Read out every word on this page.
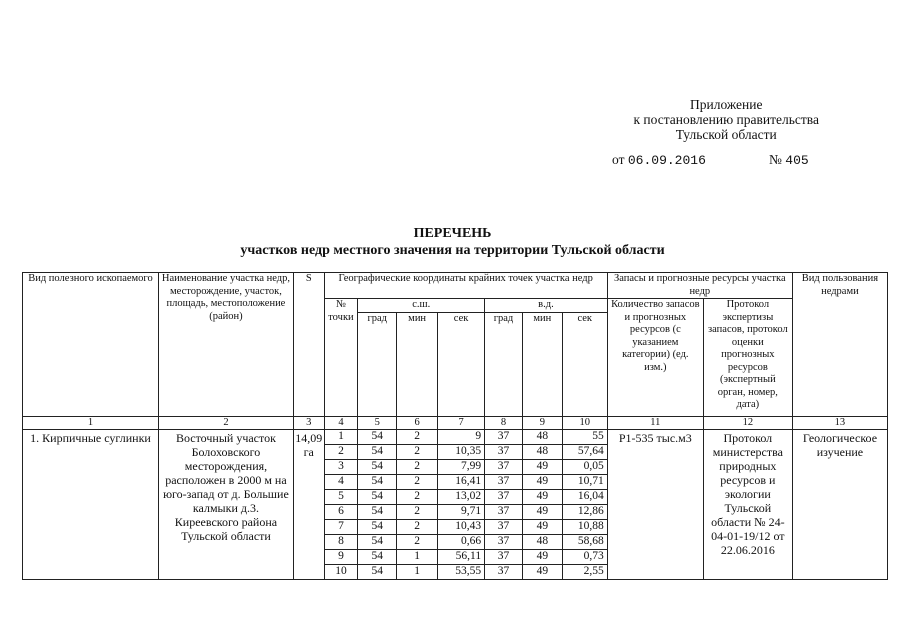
Приложение
к постановлению правительства
Тульской области
от 06.09.2016	№ 405
ПЕРЕЧЕНЬ
участков недр местного значения на территории Тульской области
Вид полезного ископаемого	Наименование участка недр, месторождение, участок, площадь, местоположение (район)	S	Географические координаты крайних точек участка недр							Запасы и прогнозные ресурсы участка недр		Вид пользования недрами
			№ точки	с.ш.			в.д.			Количество запасов и прогнозных ресурсов (с указанием категории) (ед. изм.)	Протокол экспертизы запасов, протокол оценки прогнозных ресурсов (экспертный орган, номер, дата)	
				град	мин	сек	град	мин	сек			
1	2	3	4	5	6	7	8	9	10	11	12	13
1. Кирпичные суглинки	Восточный участок Болоховского месторождения, расположен в 2000 м на юго-запад от д. Большие калмыки д.3. Киреевского района Тульской области	14,09 га	1	54	2	9	37	48	55	Р1-535 тыс.м3	Протокол министерства природных ресурсов и экологии Тульской области № 24-04-01-19/12 от 22.06.2016	Геологическое изучение
			2	54	2	10,35	37	48	57,64			
			3	54	2	7,99	37	49	0,05			
			4	54	2	16,41	37	49	10,71			
			5	54	2	13,02	37	49	16,04			
			6	54	2	9,71	37	49	12,86			
			7	54	2	10,43	37	49	10,88			
			8	54	2	0,66	37	48	58,68			
			9	54	1	56,11	37	49	0,73			
			10	54	1	53,55	37	49	2,55			
